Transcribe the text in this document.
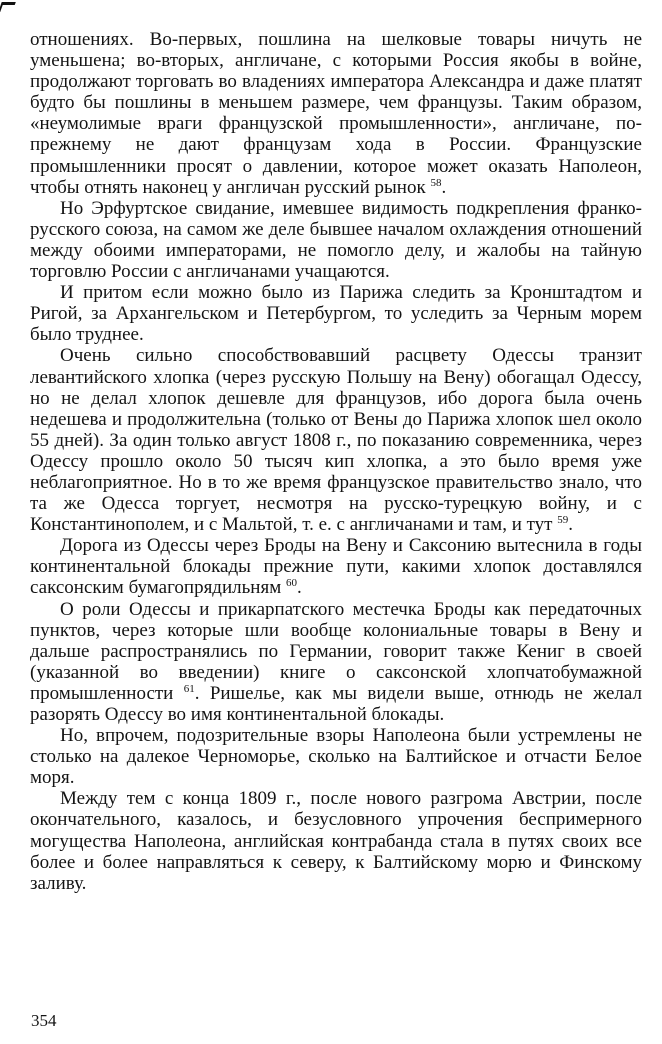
отношениях. Во-первых, пошлина на шелковые товары ничуть не уменьшена; во-вторых, англичане, с которыми Россия якобы в войне, продолжают торговать во владениях императора Александра и даже платят будто бы пошлины в меньшем размере, чем французы. Таким образом, «неумолимые враги французской промышленности», англичане, по-прежнему не дают французам хода в России. Французские промышленники просят о давлении, которое может оказать Наполеон, чтобы отнять наконец у англичан русский рынок $^{58}$.

Но Эрфуртское свидание, имевшее видимость подкрепления франко-русского союза, на самом же деле бывшее началом охлаждения отношений между обоими императорами, не помогло делу, и жалобы на тайную торговлю России с англичанами учащаются.

И притом если можно было из Парижа следить за Кронштадтом и Ригой, за Архангельском и Петербургом, то уследить за Черным морем было труднее.

Очень сильно способствовавший расцвету Одессы транзит левантийского хлопка (через русскую Польшу на Вену) обогащал Одессу, но не делал хлопок дешевле для французов, ибо дорога была очень недешева и продолжительна (только от Вены до Парижа хлопок шел около 55 дней). За один только август 1808 г., по показанию современника, через Одессу прошло около 50 тысяч кип хлопка, а это было время уже неблагоприятное. Но в то же время французское правительство знало, что та же Одесса торгует, несмотря на русско-турецкую войну, и с Константинополем, и с Мальтой, т. е. с англичанами и там, и тут $^{59}$.

Дорога из Одессы через Броды на Вену и Саксонию вытеснила в годы континентальной блокады прежние пути, какими хлопок доставлялся саксонским бумагопрядильням $^{60}$.

О роли Одессы и прикарпатского местечка Броды как передаточных пунктов, через которые шли вообще колониальные товары в Вену и дальше распространялись по Германии, говорит также Кениг в своей (указанной во введении) книге о саксонской хлопчатобумажной промышленности $^{61}$. Ришелье, как мы видели выше, отнюдь не желал разорять Одессу во имя континентальной блокады.

Но, впрочем, подозрительные взоры Наполеона были устремлены не столько на далекое Черноморье, сколько на Балтийское и отчасти Белое моря.

Между тем с конца 1809 г., после нового разгрома Австрии, после окончательного, казалось, и безусловного упрочения беспримерного могущества Наполеона, английская контрабанда стала в путях своих все более и более направляться к северу, к Балтийскому морю и Финскому заливу.

354
